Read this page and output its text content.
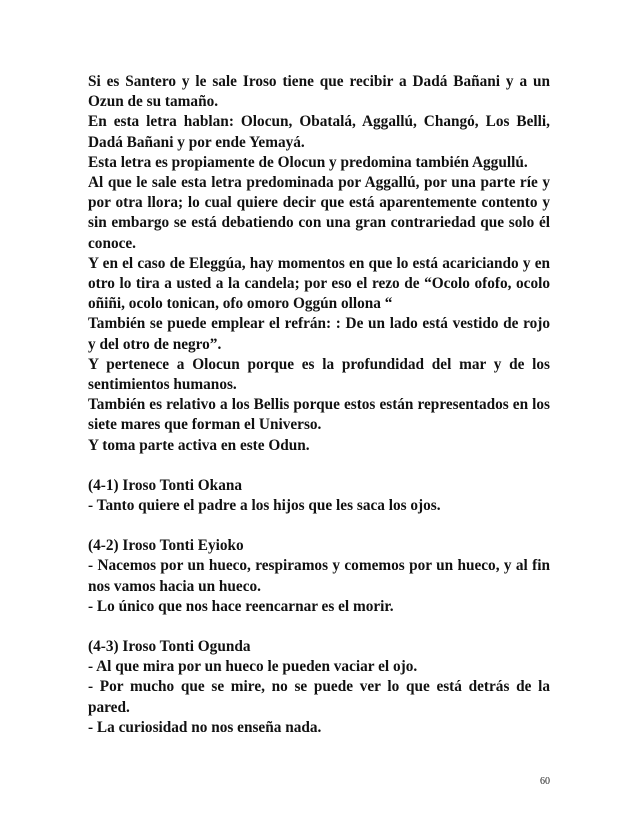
Si es Santero y le sale Iroso tiene que recibir a Dadá Bañani y a un Ozun de su tamaño.

En esta letra hablan: Olocun, Obatalá, Aggallú, Changó, Los Belli, Dadá Bañani y por ende Yemayá.

Esta letra es propiamente de Olocun y predomina también Aggullú.

Al que le sale esta letra predominada por Aggallú, por una parte ríe y por otra llora; lo cual quiere decir que está aparentemente contento y sin embargo se está debatiendo con una gran contrariedad que solo él conoce.

Y en el caso de Eleggúa, hay momentos en que lo está acariciando y en otro lo tira a usted a la candela; por eso el rezo de “Ocolo ofofo, ocolo oñiñi, ocolo tonican, ofo omoro Oggún ollona “

También se puede emplear el refrán: : De un lado está vestido de rojo y del otro de negro”.

Y pertenece a Olocun porque es la profundidad del mar y de los sentimientos humanos.

También es relativo a los Bellis porque estos están representados en los siete mares que forman el Universo.

Y toma parte activa en este Odun.

(4-1) Iroso Tonti Okana

- Tanto quiere el padre a los hijos que les saca los ojos.

(4-2) Iroso Tonti Eyioko

- Nacemos por un hueco, respiramos y comemos por un hueco, y al fin nos vamos hacia un hueco.

- Lo único que nos hace reencarnar es el morir.

(4-3) Iroso Tonti Ogunda

- Al que mira por un hueco le pueden vaciar el ojo.

- Por mucho que se mire, no se puede ver lo que está detrás de la pared.

- La curiosidad no nos enseña nada.

60
